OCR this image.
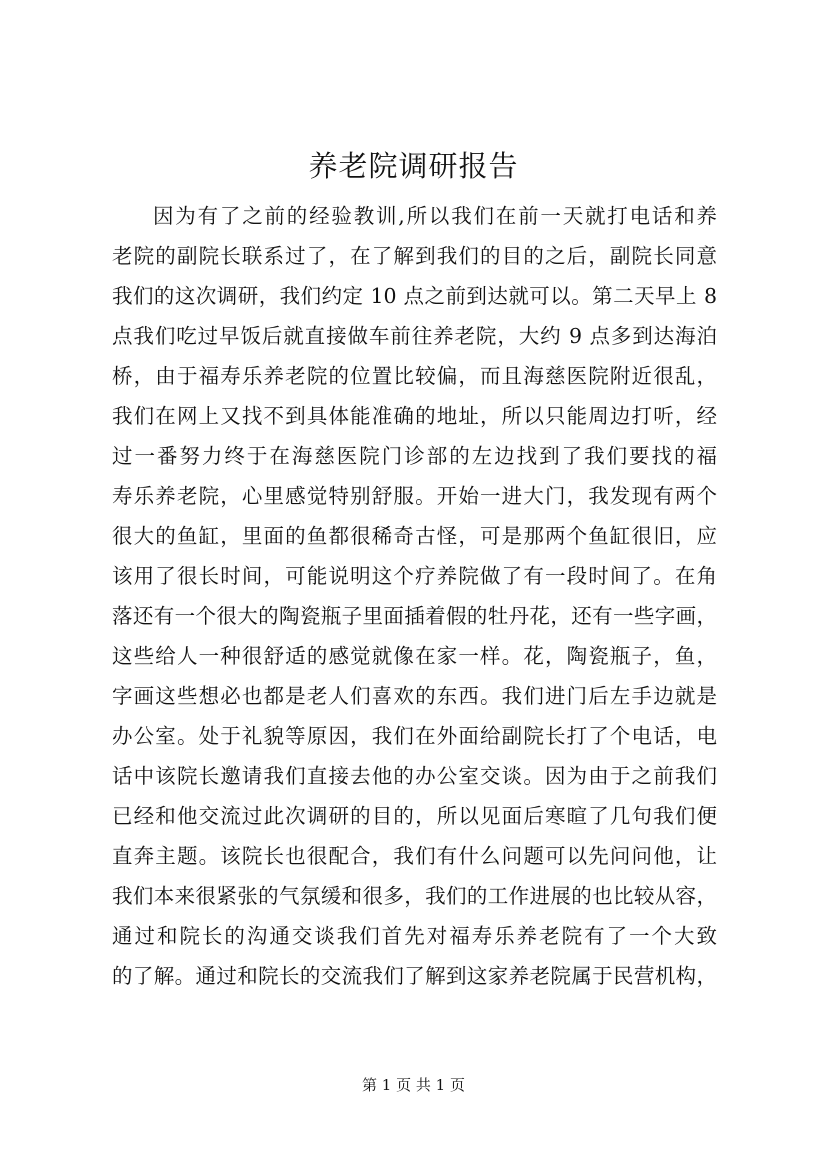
养老院调研报告
因为有了之前的经验教训,所以我们在前一天就打电话和养
老院的副院长联系过了，在了解到我们的目的之后，副院长同意
我们的这次调研，我们约定 10 点之前到达就可以。第二天早上 8
点我们吃过早饭后就直接做车前往养老院，大约 9 点多到达海泊
桥，由于福寿乐养老院的位置比较偏，而且海慈医院附近很乱，
我们在网上又找不到具体能准确的地址，所以只能周边打听，经
过一番努力终于在海慈医院门诊部的左边找到了我们要找的福
寿乐养老院，心里感觉特别舒服。开始一进大门，我发现有两个
很大的鱼缸，里面的鱼都很稀奇古怪，可是那两个鱼缸很旧，应
该用了很长时间，可能说明这个疗养院做了有一段时间了。在角
落还有一个很大的陶瓷瓶子里面插着假的牡丹花，还有一些字画，
这些给人一种很舒适的感觉就像在家一样。花，陶瓷瓶子，鱼，
字画这些想必也都是老人们喜欢的东西。我们进门后左手边就是
办公室。处于礼貌等原因，我们在外面给副院长打了个电话，电
话中该院长邀请我们直接去他的办公室交谈。因为由于之前我们
已经和他交流过此次调研的目的，所以见面后寒暄了几句我们便
直奔主题。该院长也很配合，我们有什么问题可以先问问他，让
我们本来很紧张的气氛缓和很多，我们的工作进展的也比较从容，
通过和院长的沟通交谈我们首先对福寿乐养老院有了一个大致
的了解。通过和院长的交流我们了解到这家养老院属于民营机构，
第 1 页 共 1 页
